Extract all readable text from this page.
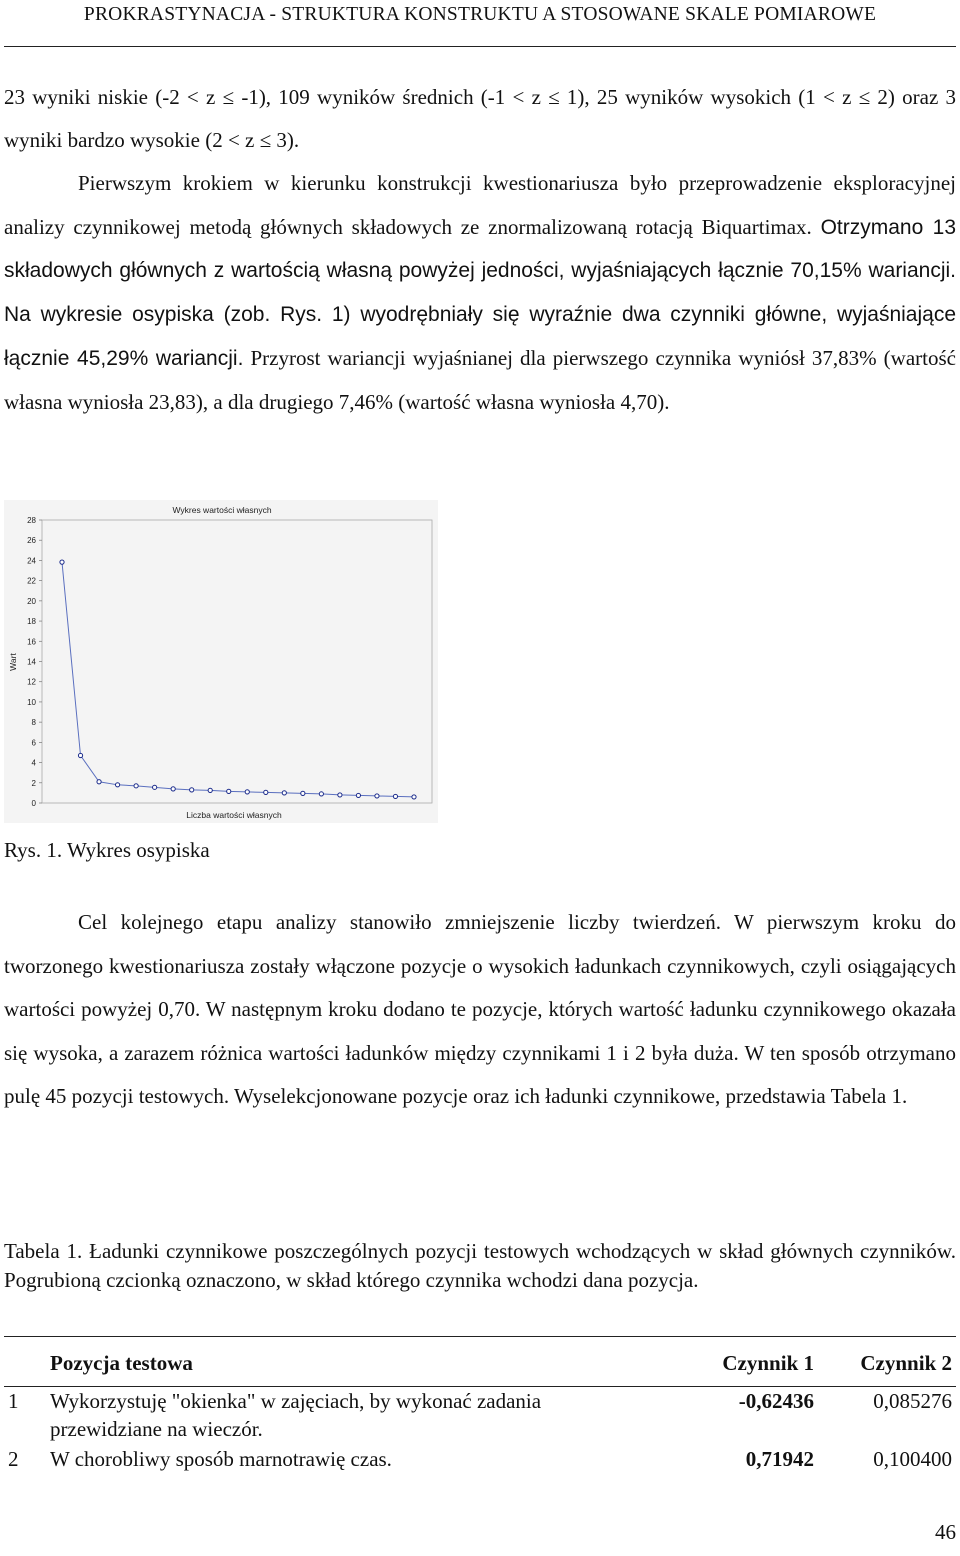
PROKRASTYNACJA - STRUKTURA KONSTRUKTU A STOSOWANE SKALE POMIAROWE

23 wyniki niskie (-2 < z ≤ -1), 109 wyników średnich (-1 < z ≤ 1), 25 wyników wysokich (1 < z ≤ 2) oraz 3 wyniki bardzo wysokie (2 < z ≤ 3).

Pierwszym krokiem w kierunku konstrukcji kwestionariusza było przeprowadzenie eksploracyjnej analizy czynnikowej metodą głównych składowych ze znormalizowaną rotacją Biquartimax. Otrzymano 13 składowych głównych z wartością własną powyżej jedności, wyjaśniających łącznie 70,15% wariancji. Na wykresie osypiska (zob. Rys. 1) wyodrębniały się wyraźnie dwa czynniki główne, wyjaśniające łącznie 45,29% wariancji. Przyrost wariancji wyjaśnianej dla pierwszego czynnika wyniósł 37,83% (wartość własna wyniosła 23,83), a dla drugiego 7,46% (wartość własna wyniosła 4,70).

Wykres wartości własnych
Wart
Liczba wartości własnych
0
2
4
6
8
10
12
14
16
18
20
22
24
26
28
Rys. 1. Wykres osypiska

Cel kolejnego etapu analizy stanowiło zmniejszenie liczby twierdzeń. W pierwszym kroku do tworzonego kwestionariusza zostały włączone pozycje o wysokich ładunkach czynnikowych, czyli osiągających wartości powyżej 0,70. W następnym kroku dodano te pozycje, których wartość ładunku czynnikowego okazała się wysoka, a zarazem różnica wartości ładunków między czynnikami 1 i 2 była duża. W ten sposób otrzymano pulę 45 pozycji testowych. Wyselekcjonowane pozycje oraz ich ładunki czynnikowe, przedstawia Tabela 1.

Tabela 1. Ładunki czynnikowe poszczególnych pozycji testowych wchodzących w skład głównych czynników. Pogrubioną czcionką oznaczono, w skład którego czynnika wchodzi dana pozycja.

Pozycja testowa	Czynnik 1	Czynnik 2
1 Wykorzystuję "okienka" w zajęciach, by wykonać zadania
przewidziane na wieczór.
-0,62436	0,085276
2 W chorobliwy sposób marnotrawię czas.	0,71942	0,100400
46
